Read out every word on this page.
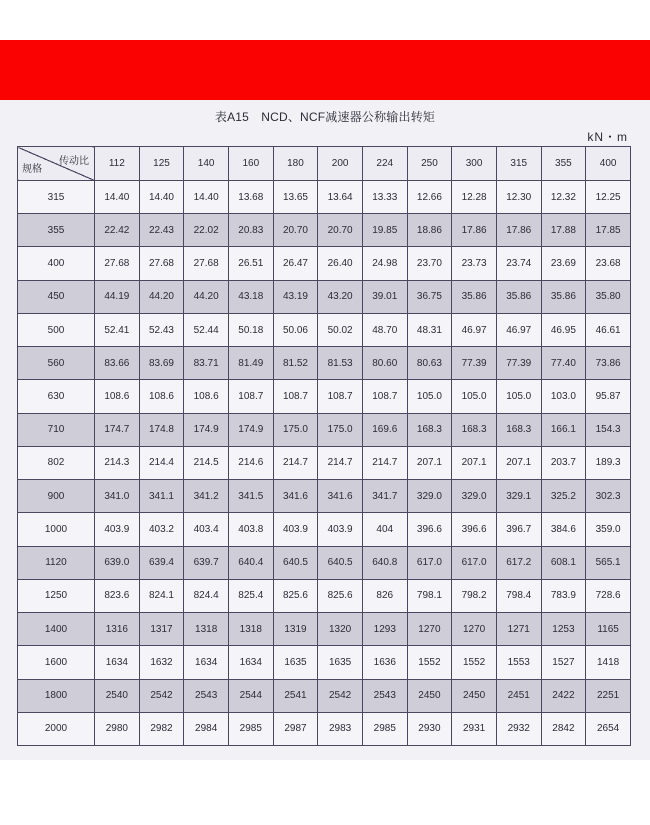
表A15　NCD、NCF减速器公称输出转矩
kN・m
传动比
规格	112	125	140	160	180	200	224	250	300	315	355	400
315	14.40	14.40	14.40	13.68	13.65	13.64	13.33	12.66	12.28	12.30	12.32	12.25
355	22.42	22.43	22.02	20.83	20.70	20.70	19.85	18.86	17.86	17.86	17.88	17.85
400	27.68	27.68	27.68	26.51	26.47	26.40	24.98	23.70	23.73	23.74	23.69	23.68
450	44.19	44.20	44.20	43.18	43.19	43.20	39.01	36.75	35.86	35.86	35.86	35.80
500	52.41	52.43	52.44	50.18	50.06	50.02	48.70	48.31	46.97	46.97	46.95	46.61
560	83.66	83.69	83.71	81.49	81.52	81.53	80.60	80.63	77.39	77.39	77.40	73.86
630	108.6	108.6	108.6	108.7	108.7	108.7	108.7	105.0	105.0	105.0	103.0	95.87
710	174.7	174.8	174.9	174.9	175.0	175.0	169.6	168.3	168.3	168.3	166.1	154.3
802	214.3	214.4	214.5	214.6	214.7	214.7	214.7	207.1	207.1	207.1	203.7	189.3
900	341.0	341.1	341.2	341.5	341.6	341.6	341.7	329.0	329.0	329.1	325.2	302.3
1000	403.9	403.2	403.4	403.8	403.9	403.9	404	396.6	396.6	396.7	384.6	359.0
1120	639.0	639.4	639.7	640.4	640.5	640.5	640.8	617.0	617.0	617.2	608.1	565.1
1250	823.6	824.1	824.4	825.4	825.6	825.6	826	798.1	798.2	798.4	783.9	728.6
1400	1316	1317	1318	1318	1319	1320	1293	1270	1270	1271	1253	1165
1600	1634	1632	1634	1634	1635	1635	1636	1552	1552	1553	1527	1418
1800	2540	2542	2543	2544	2541	2542	2543	2450	2450	2451	2422	2251
2000	2980	2982	2984	2985	2987	2983	2985	2930	2931	2932	2842	2654
